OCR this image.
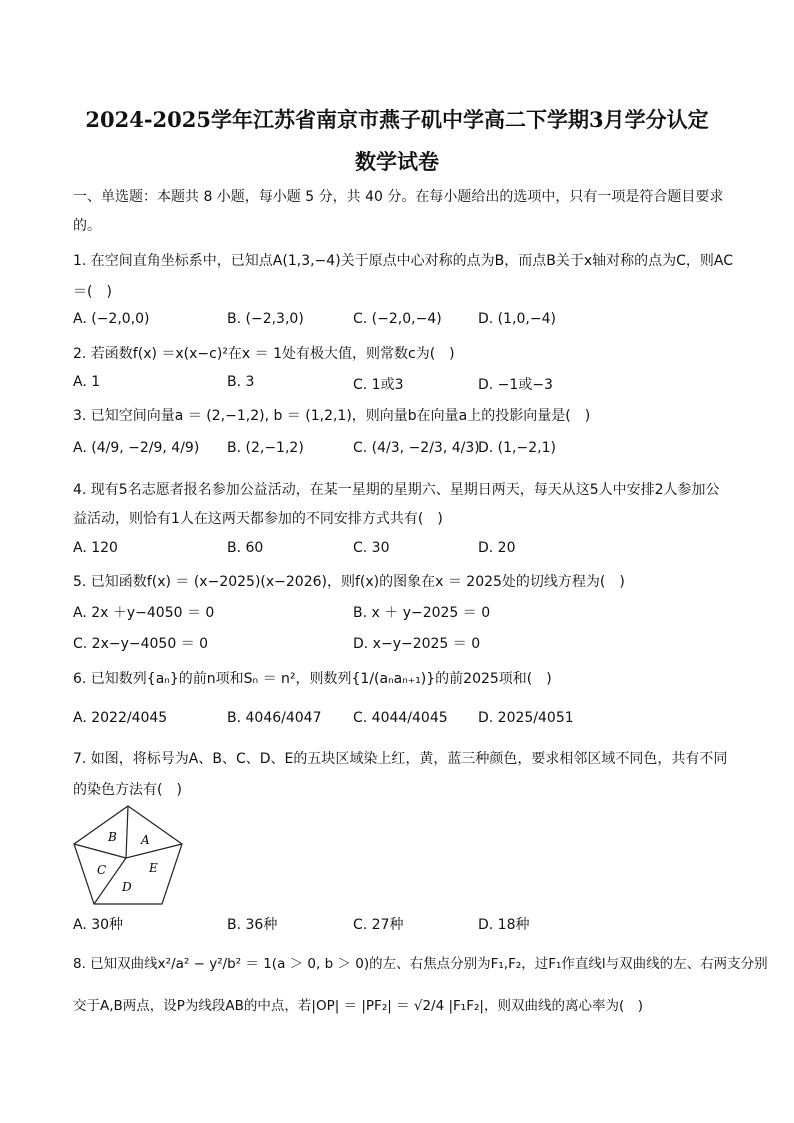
2024-2025学年江苏省南京市燕子矶中学高二下学期3月学分认定
数学试卷
一、单选题：本题共 8 小题，每小题 5 分，共 40 分。在每小题给出的选项中，只有一项是符合题目要求
的。
1. 在空间直角坐标系中，已知点A(1,3,−4)关于原点中心对称的点为B，而点B关于x轴对称的点为C，则AC
＝(　)
A. (−2,0,0)	B. (−2,3,0)	C. (−2,0,−4)	D. (1,0,−4)
2. 若函数f(x) ＝x(x−c)²在x ＝ 1处有极大值，则常数c为(　)
A. 1	B. 3	C. 1或3	D. −1或−3
3. 已知空间向量a ＝ (2,−1,2), b ＝ (1,2,1)，则向量b在向量a上的投影向量是(　)
A. (4/9, −2/9, 4/9) B. (2,−1,2)	C. (4/3, −2/3, 4/3)
D. (1,−2,1)
4. 现有5名志愿者报名参加公益活动，在某一星期的星期六、星期日两天，每天从这5人中安排2人参加公
益活动，则恰有1人在这两天都参加的不同安排方式共有(　)
A. 120	B. 60	C. 30	D. 20
5. 已知函数f(x) ＝ (x−2025)(x−2026)，则f(x)的图象在x ＝ 2025处的切线方程为(　)
A. 2x ＋y−4050 ＝ 0	B. x ＋ y−2025 ＝ 0
C. 2x−y−4050 ＝ 0	D. x−y−2025 ＝ 0
6. 已知数列{aₙ}的前n项和Sₙ ＝ n²，则数列{1/(aₙaₙ₊₁)}的前2025项和(　)
A. 2022/4045	B. 4046/4047 C. 4044/4045 D. 2025/4051
7. 如图，将标号为A、B、C、D、E的五块区域染上红，黄，蓝三种颜色，要求相邻区域不同色，共有不同
的染色方法有(　)
B A
C	E
D
A. 30种	B. 36种	C. 27种	D. 18种
8. 已知双曲线x²/a² − y²/b² ＝ 1(a ＞ 0, b ＞ 0)的左、右焦点分别为F₁,F₂，过F₁作直线l与双曲线的左、右两支分别
交于A,B两点，设P为线段AB的中点，若|OP| ＝ |PF₂| ＝ √2/4 |F₁F₂|，则双曲线的离心率为(　)
